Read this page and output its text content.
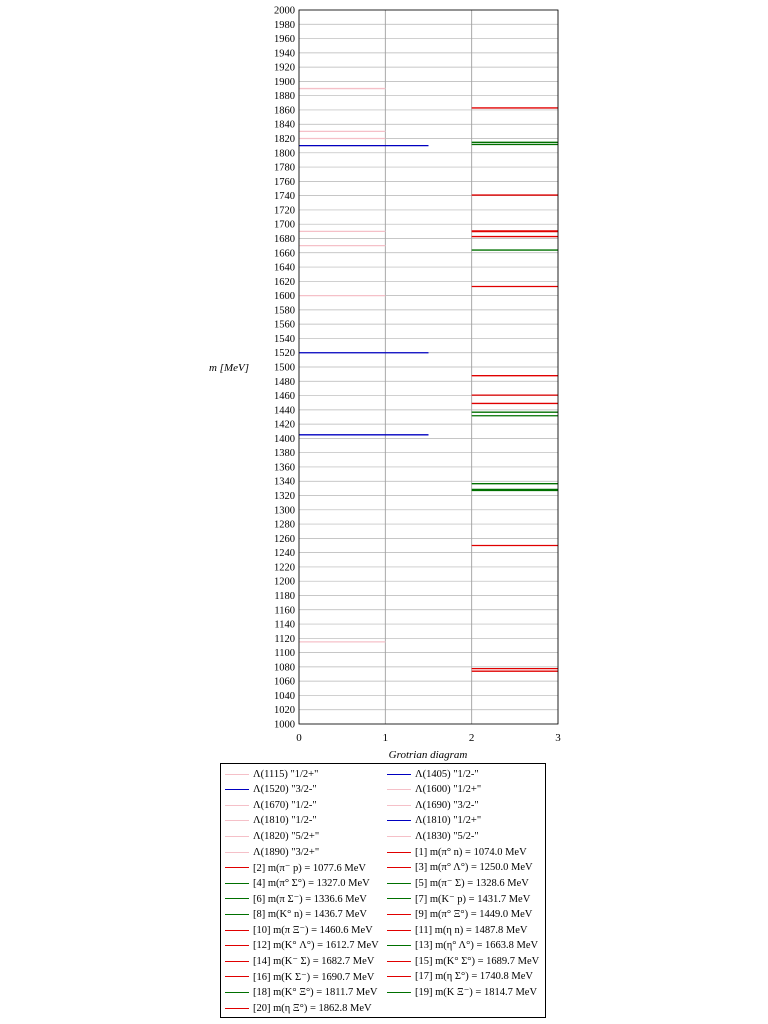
1000
1020
1040
1060
1080
1100
1120
1140
1160
1180
1200
1220
1240
1260
1280
1300
1320
1340
1360
1380
1400
1420
1440
1460
1480
1500
1520
1540
1560
1580
1600
1620
1640
1660
1680
1700
1720
1740
1760
1780
1800
1820
1840
1860
1880
1900
1920
1940
1960
1980
2000
0	1	2	3
m [MeV]
Grotrian diagram
Λ(1115) "1/2+"	Λ(1405) "1/2-"
Λ(1520) "3/2-"	Λ(1600) "1/2+"
Λ(1670) "1/2-"	Λ(1690) "3/2-"
Λ(1810) "1/2-"	Λ(1810) "1/2+"
Λ(1820) "5/2+"	Λ(1830) "5/2-"
Λ(1890) "3/2+"	[1] m(π° n) = 1074.0 MeV
[2] m(π⁻ p) = 1077.6 MeV	[3] m(π° Λ°) = 1250.0 MeV
[4] m(π° Σ°) = 1327.0 MeV	[5] m(π⁻ Σ) = 1328.6 MeV
[6] m(π Σ⁻) = 1336.6 MeV	[7] m(K⁻ p) = 1431.7 MeV
[8] m(K° n) = 1436.7 MeV	[9] m(π° Ξ°) = 1449.0 MeV
[10] m(π Ξ⁻) = 1460.6 MeV	[11] m(η n) = 1487.8 MeV
[12] m(K° Λ°) = 1612.7 MeV	[13] m(η° Λ°) = 1663.8 MeV
[14] m(K⁻ Σ) = 1682.7 MeV	[15] m(K° Σ°) = 1689.7 MeV
[16] m(K Σ⁻) = 1690.7 MeV	[17] m(η Σ°) = 1740.8 MeV
[18] m(K° Ξ°) = 1811.7 MeV	[19] m(K Ξ⁻) = 1814.7 MeV
[20] m(η Ξ°) = 1862.8 MeV
